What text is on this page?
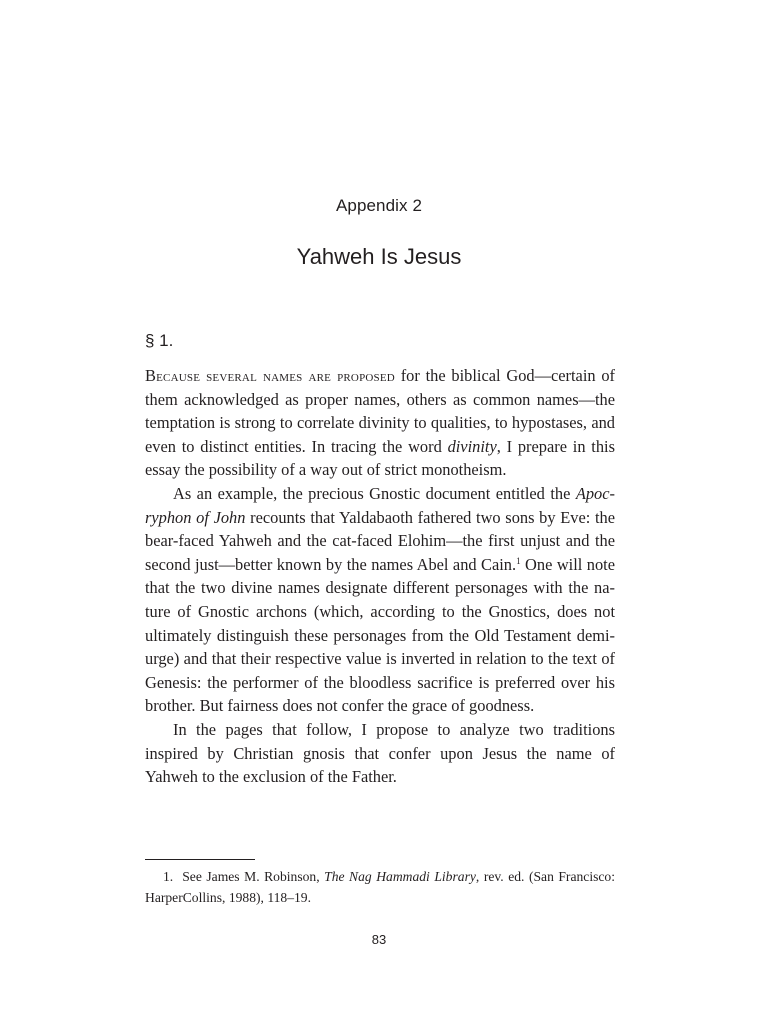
Appendix 2
Yahweh Is Jesus
§ 1.

Because several names are proposed for the biblical God—certain of them acknowledged as proper names, others as common names—the temptation is strong to correlate divinity to qualities, to hypostases, and even to distinct entities. In tracing the word divinity, I prepare in this essay the possibility of a way out of strict monotheism.

As an example, the precious Gnostic document entitled the Apocryphon of John recounts that Yaldabaoth fathered two sons by Eve: the bear-faced Yahweh and the cat-faced Elohim—the first unjust and the second just—better known by the names Abel and Cain.$^1$ One will note that the two divine names designate different personages with the nature of Gnostic archons (which, according to the Gnostics, does not ultimately distinguish these personages from the Old Testament demiurge) and that their respective value is inverted in relation to the text of Genesis: the performer of the bloodless sacrifice is preferred over his brother. But fairness does not confer the grace of goodness.

In the pages that follow, I propose to analyze two traditions inspired by Christian gnosis that confer upon Jesus the name of Yahweh to the exclusion of the Father.

1. See James M. Robinson, The Nag Hammadi Library, rev. ed. (San Francisco: HarperCollins, 1988), 118–19.
83
